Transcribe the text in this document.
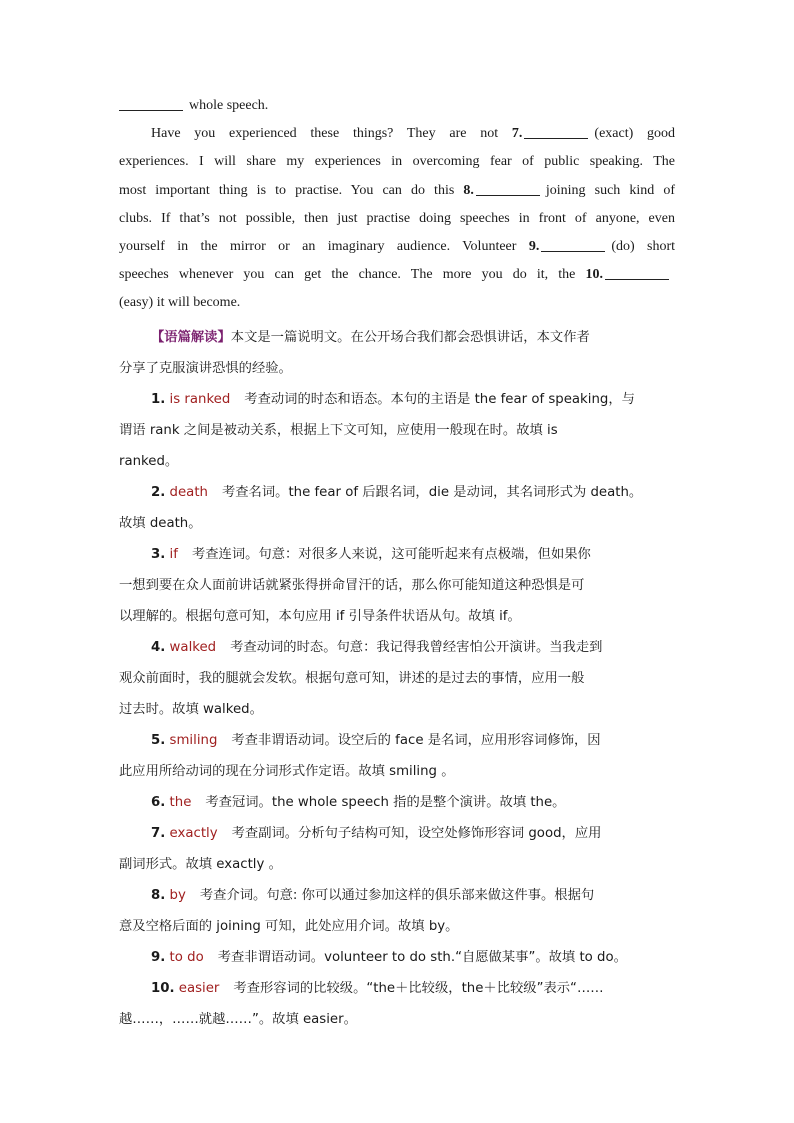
whole speech.
Have you experienced these things? They are not 7.	(exact) good
experiences. I will share my experiences in overcoming fear of public speaking. The
most important thing is to practise. You can do this 8.	joining such kind of
clubs. If that’s not possible, then just practise doing speeches in front of anyone, even
yourself in the mirror or an imaginary audience. Volunteer 9.	(do) short
speeches whenever you can get the chance. The more you do it, the 10.
(easy) it will become.
【语篇解读】本文是一篇说明文。在公开场合我们都会恐惧讲话，本文作者
分享了克服演讲恐惧的经验。
1. is ranked 考查动词的时态和语态。本句的主语是 the fear of speaking，与
谓语 rank 之间是被动关系，根据上下文可知，应使用一般现在时。故填 is
ranked。
2. death 考查名词。the fear of 后跟名词，die 是动词，其名词形式为 death。
故填 death。
3. if 考查连词。句意：对很多人来说，这可能听起来有点极端，但如果你
一想到要在众人面前讲话就紧张得拼命冒汗的话，那么你可能知道这种恐惧是可
以理解的。根据句意可知，本句应用 if 引导条件状语从句。故填 if。
4. walked 考查动词的时态。句意：我记得我曾经害怕公开演讲。当我走到
观众前面时，我的腿就会发软。根据句意可知，讲述的是过去的事情，应用一般
过去时。故填 walked。
5. smiling 考查非谓语动词。设空后的 face 是名词，应用形容词修饰，因
此应用所给动词的现在分词形式作定语。故填 smiling 。
6. the 考查冠词。the whole speech 指的是整个演讲。故填 the。
7. exactly 考查副词。分析句子结构可知，设空处修饰形容词 good，应用
副词形式。故填 exactly 。
8. by 考查介词。句意: 你可以通过参加这样的俱乐部来做这件事。根据句
意及空格后面的 joining 可知，此处应用介词。故填 by。
9. to do 考查非谓语动词。volunteer to do sth.“自愿做某事”。故填 to do。
10. easier 考查形容词的比较级。“the＋比较级，the＋比较级”表示“……
越……，……就越……”。故填 easier。
